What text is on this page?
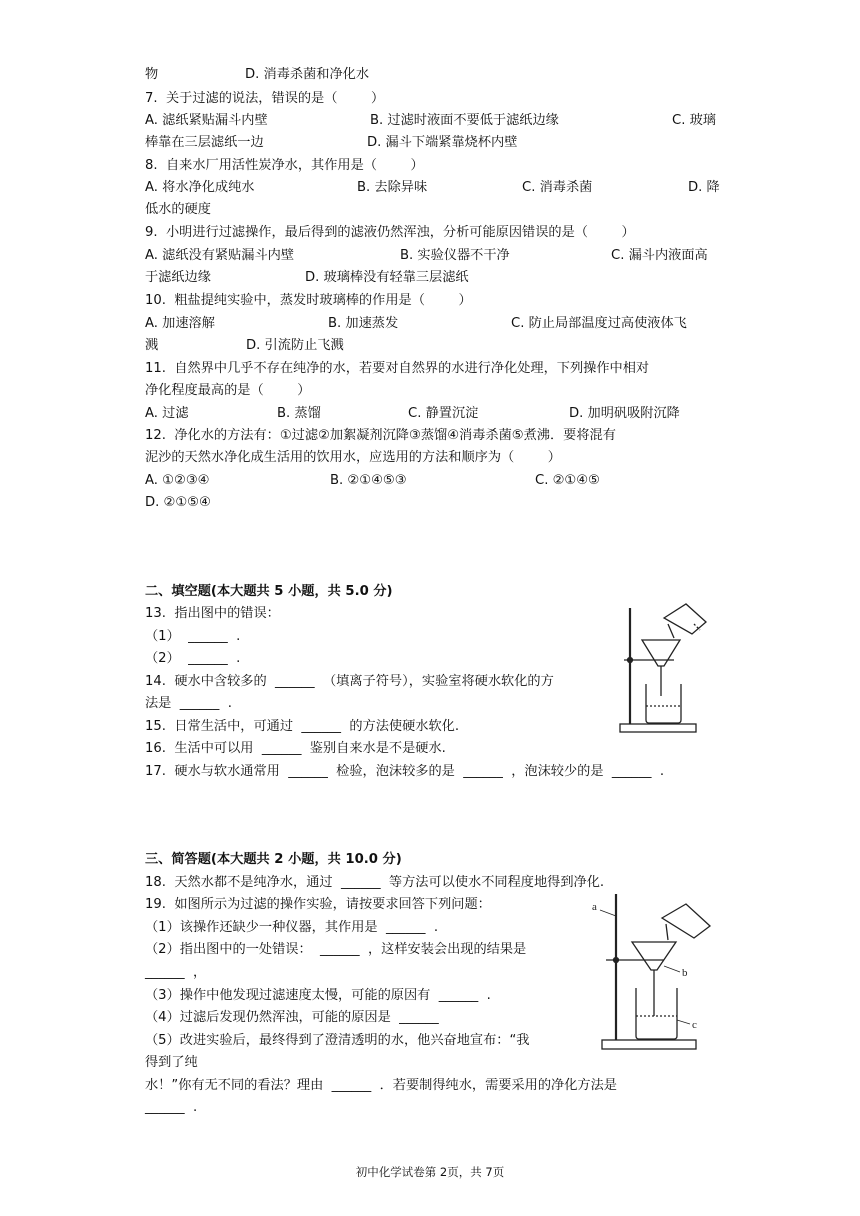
物	D. 消毒杀菌和净化水
7.  关于过滤的说法，错误的是（        ）
A. 滤纸紧贴漏斗内壁	B. 过滤时液面不要低于滤纸边缘	C. 玻璃
棒靠在三层滤纸一边	D. 漏斗下端紧靠烧杯内壁
8.  自来水厂用活性炭净水，其作用是（        ）
A. 将水净化成纯水	B. 去除异味	C. 消毒杀菌	D. 降
低水的硬度
9.  小明进行过滤操作，最后得到的滤液仍然浑浊，分析可能原因错误的是（        ）
A. 滤纸没有紧贴漏斗内壁	B. 实验仪器不干净	C. 漏斗内液面高
于滤纸边缘	D. 玻璃棒没有轻靠三层滤纸
10.  粗盐提纯实验中，蒸发时玻璃棒的作用是（        ）
A. 加速溶解	B. 加速蒸发	C. 防止局部温度过高使液体飞
溅	D. 引流防止飞溅
11.  自然界中几乎不存在纯净的水，若要对自然界的水进行净化处理，下列操作中相对
净化程度最高的是（        ）
A. 过滤	B. 蒸馏	C. 静置沉淀	D. 加明矾吸附沉降
12.  净化水的方法有：①过滤②加絮凝剂沉降③蒸馏④消毒杀菌⑤煮沸．要将混有
泥沙的天然水净化成生活用的饮用水，应选用的方法和顺序为（        ）
A. ①②③④	B. ②①④⑤③	C. ②①④⑤
D. ②①⑤④
二、填空题(本大题共 5 小题，共 5.0 分)
13.  指出图中的错误：
（1）  ______  .
（2）  ______  .
14.  硬水中含较多的  ______  （填离子符号），实验室将硬水软化的方
法是  ______  .
15.  日常生活中，可通过  ______  的方法使硬水软化.
16.  生活中可以用  ______  鉴别自来水是不是硬水.
17.  硬水与软水通常用  ______  检验，泡沫较多的是  ______  ，泡沫较少的是  ______  .
三、简答题(本大题共 2 小题，共 10.0 分)
18.  天然水都不是纯净水，通过  ______  等方法可以使水不同程度地得到净化.
19.  如图所示为过滤的操作实验，请按要求回答下列问题：
（1）该操作还缺少一种仪器，其作用是  ______  .
（2）指出图中的一处错误：  ______  ，这样安装会出现的结果是
______  ，
（3）操作中他发现过滤速度太慢，可能的原因有  ______  .
（4）过滤后发现仍然浑浊，可能的原因是  ______
（5）改进实验后，最终得到了澄清透明的水，他兴奋地宣布：“我
得到了纯
水！”你有无不同的看法？理由  ______  ．若要制得纯水，需要采用的净化方法是
______  .
a
b
c
初中化学试卷第 2页，共 7页
